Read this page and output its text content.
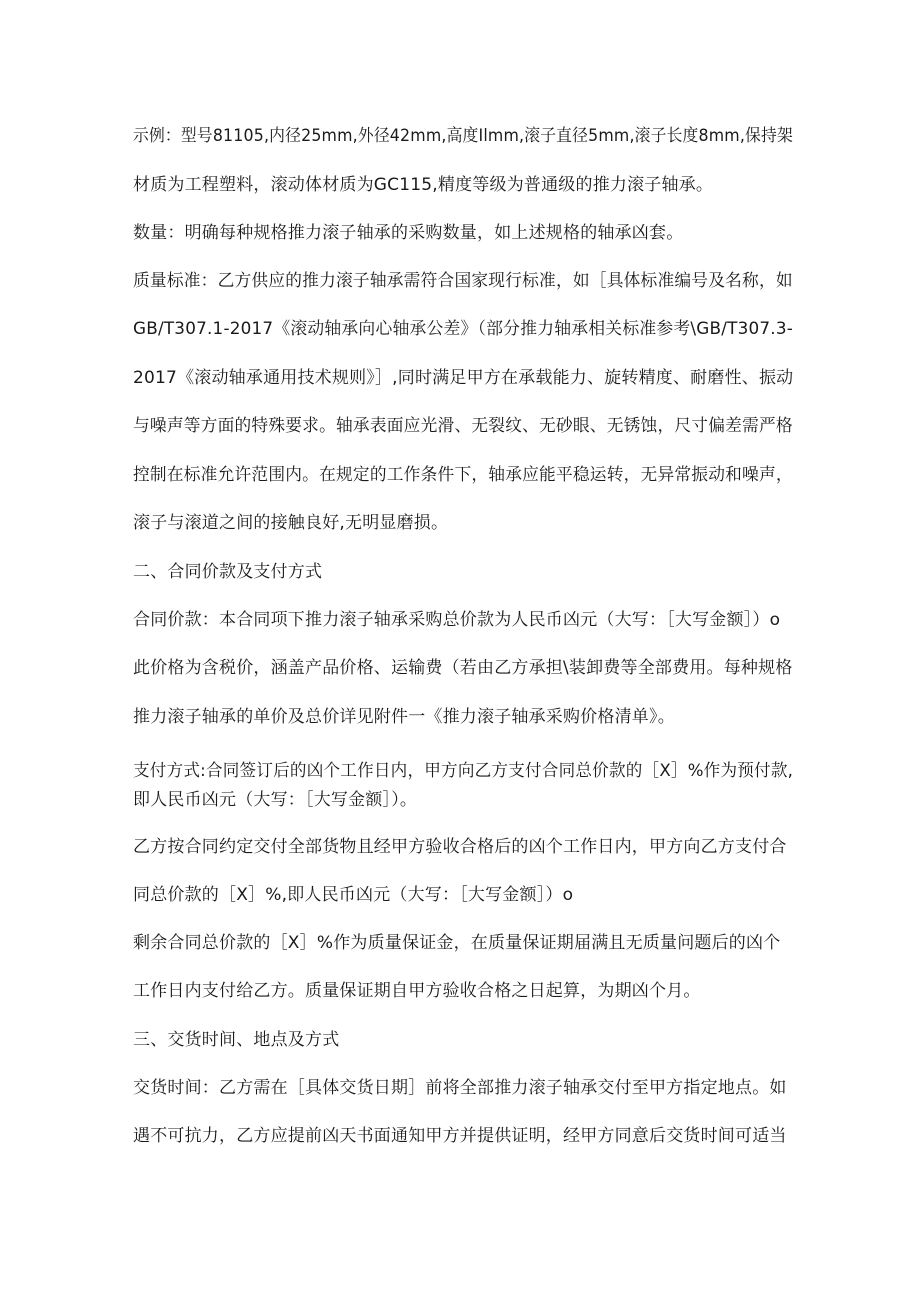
示例：型号81105,内径25mm,外径42mm,高度Ilmm,滚子直径5mm,滚子长度8mm,保持架
材质为工程塑料，滚动体材质为GC115,精度等级为普通级的推力滚子轴承。
数量：明确每种规格推力滚子轴承的采购数量，如上述规格的轴承凶套。
质量标准：乙方供应的推力滚子轴承需符合国家现行标准，如［具体标准编号及名称，如
GB/T307.1-2017《滚动轴承向心轴承公差》（部分推力轴承相关标准参考\GB/T307.3-
2017《滚动轴承通用技术规则》］,同时满足甲方在承载能力、旋转精度、耐磨性、振动
与噪声等方面的特殊要求。轴承表面应光滑、无裂纹、无砂眼、无锈蚀，尺寸偏差需严格
控制在标准允许范围内。在规定的工作条件下，轴承应能平稳运转，无异常振动和噪声，
滚子与滚道之间的接触良好,无明显磨损。
二、合同价款及支付方式
合同价款：本合同项下推力滚子轴承采购总价款为人民币凶元（大写：［大写金额］）o
此价格为含税价，涵盖产品价格、运输费（若由乙方承担\装卸费等全部费用。每种规格
推力滚子轴承的单价及总价详见附件一《推力滚子轴承采购价格清单》。
支付方式:合同签订后的凶个工作日内，甲方向乙方支付合同总价款的［X］%作为预付款,
即人民币凶元（大写：［大写金额］）。
乙方按合同约定交付全部货物且经甲方验收合格后的凶个工作日内，甲方向乙方支付合
同总价款的［X］%,即人民币凶元（大写：［大写金额］）o
剩余合同总价款的［X］%作为质量保证金，在质量保证期届满且无质量问题后的凶个
工作日内支付给乙方。质量保证期自甲方验收合格之日起算，为期凶个月。
三、交货时间、地点及方式
交货时间：乙方需在［具体交货日期］前将全部推力滚子轴承交付至甲方指定地点。如
遇不可抗力，乙方应提前凶天书面通知甲方并提供证明，经甲方同意后交货时间可适当
